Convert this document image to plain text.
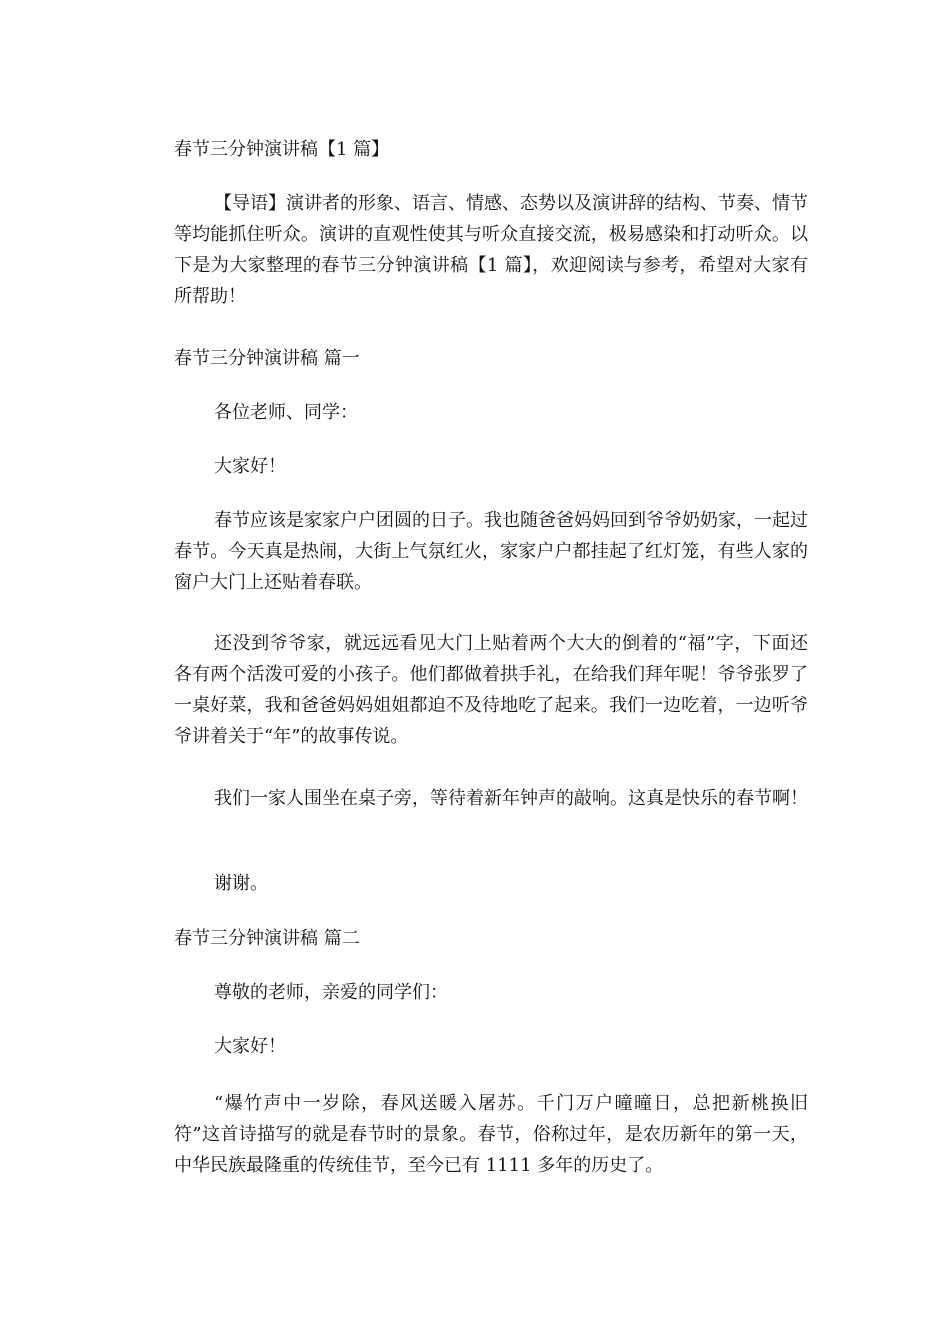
春节三分钟演讲稿【1 篇】

【导语】演讲者的形象、语言、情感、态势以及演讲辞的结构、节奏、情节等均能抓住听众。演讲的直观性使其与听众直接交流，极易感染和打动听众。以下是为大家整理的春节三分钟演讲稿【1 篇】，欢迎阅读与参考，希望对大家有所帮助！

春节三分钟演讲稿 篇一

各位老师、同学：

大家好！

春节应该是家家户户团圆的日子。我也随爸爸妈妈回到爷爷奶奶家，一起过春节。今天真是热闹，大街上气氛红火，家家户户都挂起了红灯笼，有些人家的窗户大门上还贴着春联。

还没到爷爷家，就远远看见大门上贴着两个大大的倒着的“福”字，下面还各有两个活泼可爱的小孩子。他们都做着拱手礼，在给我们拜年呢！爷爷张罗了一桌好菜，我和爸爸妈妈姐姐都迫不及待地吃了起来。我们一边吃着，一边听爷爷讲着关于“年”的故事传说。

我们一家人围坐在桌子旁，等待着新年钟声的敲响。这真是快乐的春节啊！

谢谢。

春节三分钟演讲稿 篇二

尊敬的老师，亲爱的同学们：

大家好！

“爆竹声中一岁除，春风送暖入屠苏。千门万户曈曈日，总把新桃换旧符”这首诗描写的就是春节时的景象。春节，俗称过年，是农历新年的第一天，中华民族最隆重的传统佳节，至今已有 1111 多年的历史了。
